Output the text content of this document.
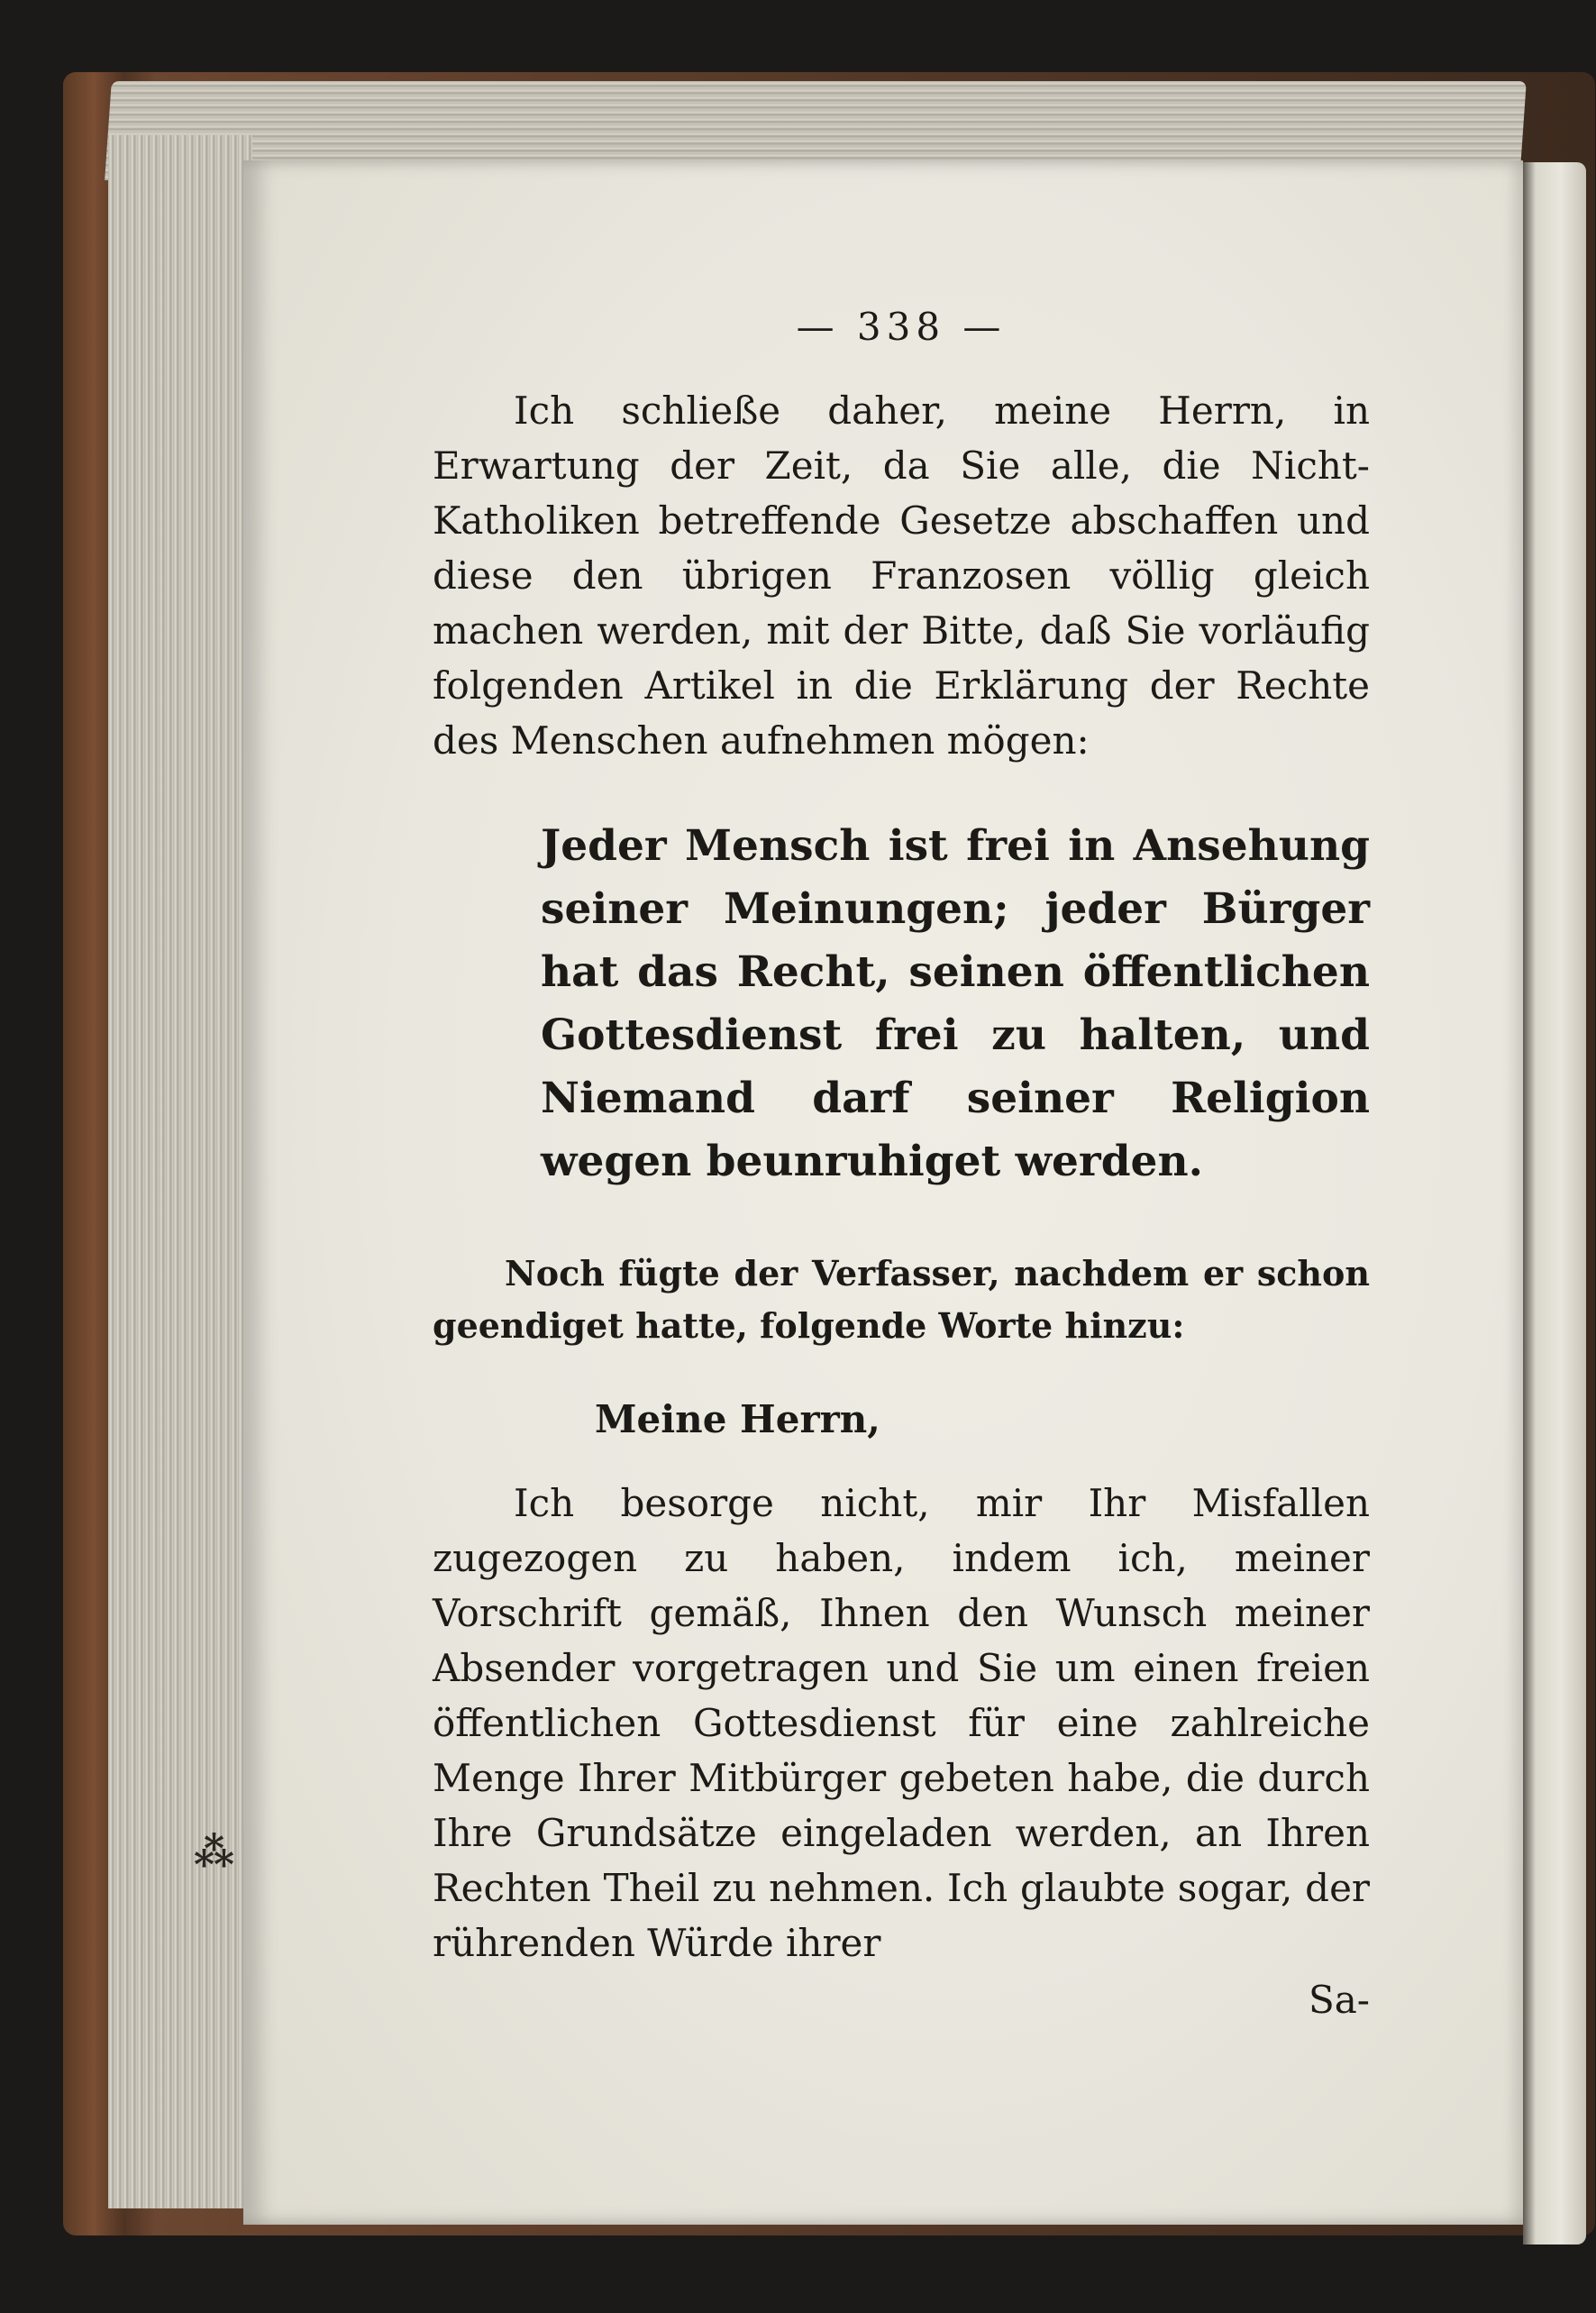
— 338 —

Ich schließe daher, meine Herrn, in Erwartung der Zeit, da Sie alle, die Nicht-Katholiken betreffende Gesetze abschaffen und diese den übrigen Franzosen völlig gleich machen werden, mit der Bitte, daß Sie vorläufig folgenden Artikel in die Erklärung der Rechte des Menschen aufnehmen mögen:

Jeder Mensch ist frei in Ansehung seiner Meinungen; jeder Bürger hat das Recht, seinen öffentlichen Gottesdienst frei zu halten, und Niemand darf seiner Religion wegen beunruhiget werden.

Noch fügte der Verfasser, nachdem er schon geendiget hatte, folgende Worte hinzu:

Meine Herrn,

Ich besorge nicht, mir Ihr Misfallen zugezogen zu haben, indem ich, meiner Vorschrift gemäß, Ihnen den Wunsch meiner Absender vorgetragen und Sie um einen freien öffentlichen Gottesdienst für eine zahlreiche Menge Ihrer Mitbürger gebeten habe, die durch Ihre Grundsätze eingeladen werden, an Ihren Rechten Theil zu nehmen. Ich glaubte sogar, der rührenden Würde ihrer

Sa-
⁂
